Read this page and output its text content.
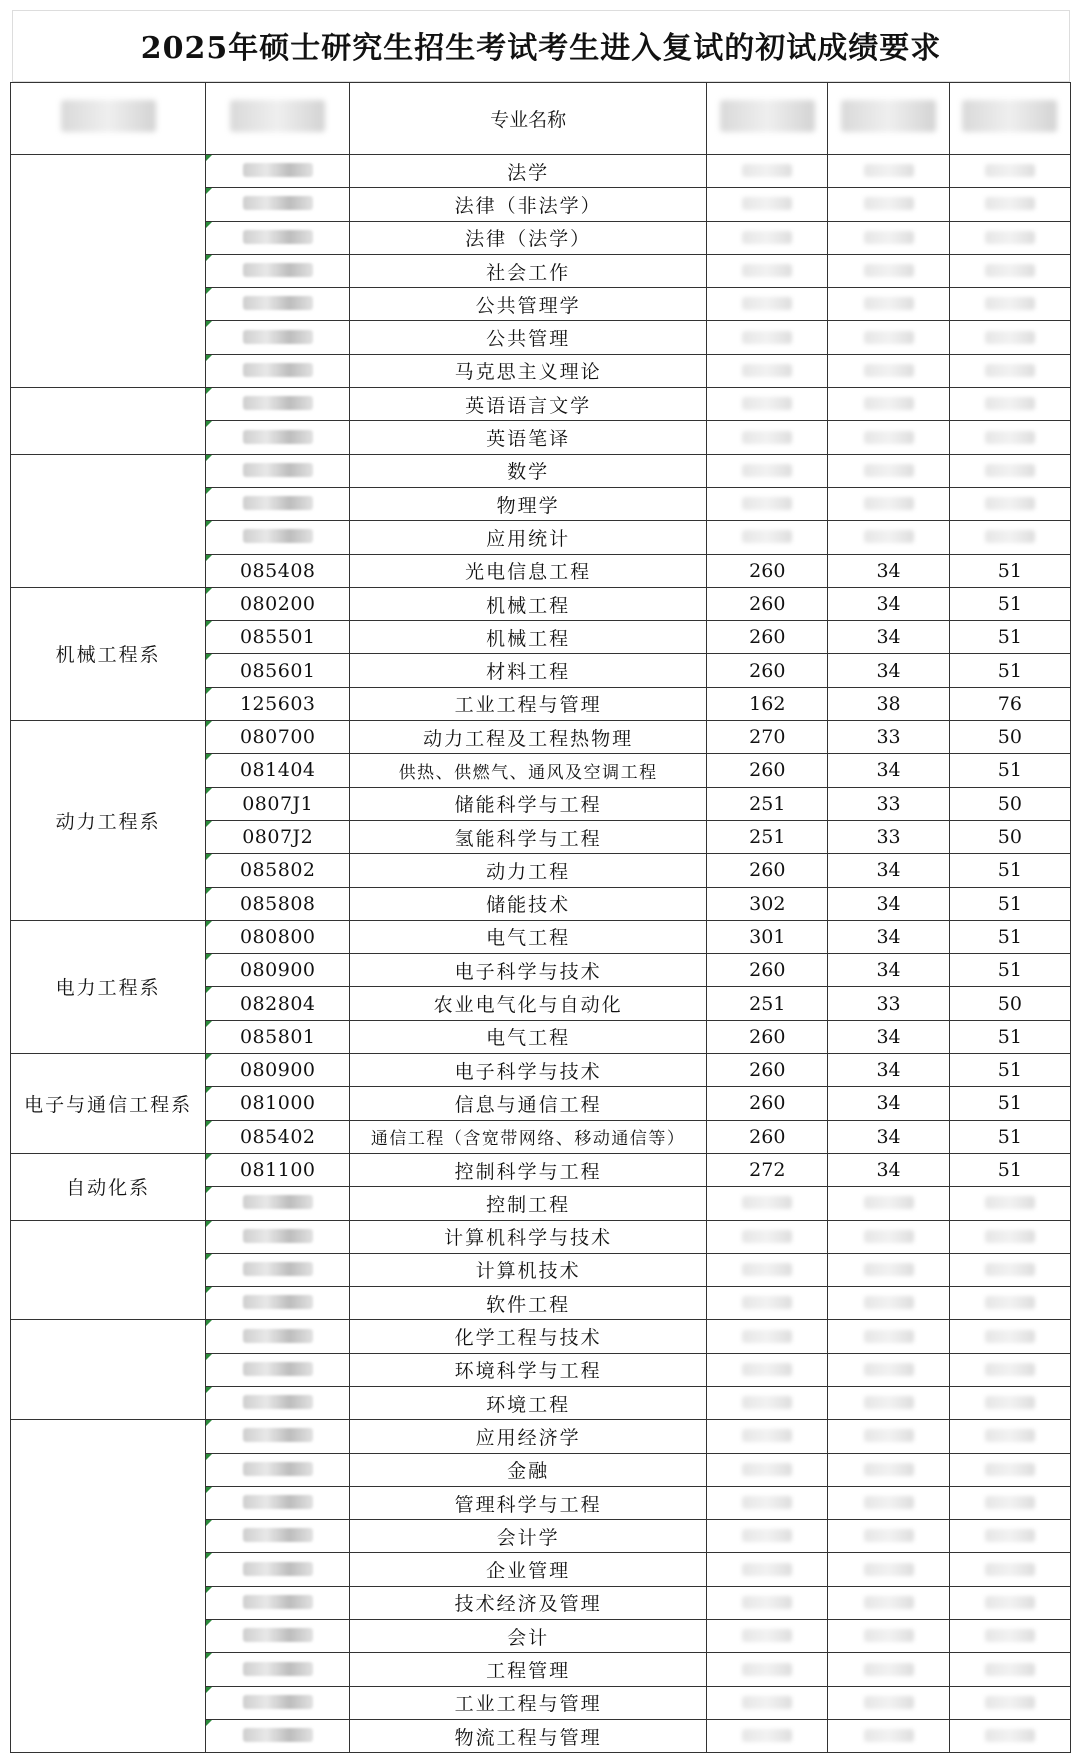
2025年硕士研究生招生考试考生进入复试的初试成绩要求
		专业名称			
		法学			
		法律（非法学）			
		法律（法学）			
		社会工作			
		公共管理学			
		公共管理			
		马克思主义理论			
		英语语言文学			
		英语笔译			
		数学			
		物理学			
		应用统计			
	085408	光电信息工程	260	34	51
机械工程系	080200	机械工程	260	34	51
	085501	机械工程	260	34	51
	085601	材料工程	260	34	51
	125603	工业工程与管理	162	38	76
动力工程系	080700	动力工程及工程热物理	270	33	50
	081404	供热、供燃气、通风及空调工程	260	34	51
	0807J1	储能科学与工程	251	33	50
	0807J2	氢能科学与工程	251	33	50
	085802	动力工程	260	34	51
	085808	储能技术	302	34	51
电力工程系	080800	电气工程	301	34	51
	080900	电子科学与技术	260	34	51
	082804	农业电气化与自动化	251	33	50
	085801	电气工程	260	34	51
电子与通信工程系	080900	电子科学与技术	260	34	51
	081000	信息与通信工程	260	34	51
	085402	通信工程（含宽带网络、移动通信等）	260	34	51
自动化系	081100	控制科学与工程	272	34	51
		控制工程			
		计算机科学与技术			
		计算机技术			
		软件工程			
		化学工程与技术			
		环境科学与工程			
		环境工程			
		应用经济学			
		金融			
		管理科学与工程			
		会计学			
		企业管理			
		技术经济及管理			
		会计			
		工程管理			
		工业工程与管理			
		物流工程与管理			
